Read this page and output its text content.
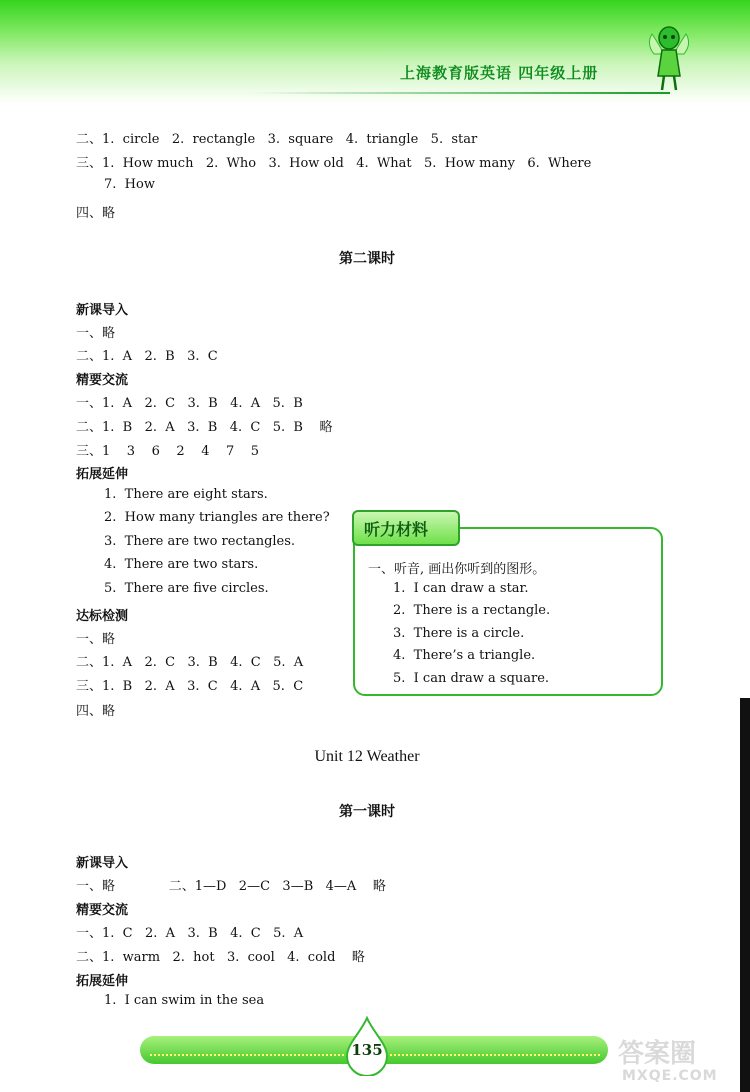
上海教育版英语 四年级上册
二、1.  circle   2.  rectangle   3.  square   4.  triangle   5.  star
三、1.  How much   2.  Who   3.  How old   4.  What   5.  How many   6.  Where
7.  How
四、略
第二课时
新课导入
一、略
二、1.  A   2.  B   3.  C
精要交流
一、1.  A   2.  C   3.  B   4.  A   5.  B
二、1.  B   2.  A   3.  B   4.  C   5.  B    略
三、1    3    6    2    4    7    5
拓展延伸
1.  There are eight stars.
2.  How many triangles are there?
3.  There are two rectangles.
4.  There are two stars.
5.  There are five circles.
达标检测
一、略
二、1.  A   2.  C   3.  B   4.  C   5.  A
三、1.  B   2.  A   3.  C   4.  A   5.  C
四、略
听力材料
一、听音, 画出你听到的图形。
1.  I can draw a star.
2.  There is a rectangle.
3.  There is a circle.
4.  There’s a triangle.
5.  I can draw a square.
Unit 12 Weather
第一课时
新课导入
一、略             二、1—D   2—C   3—B   4—A    略
精要交流
一、1.  C   2.  A   3.  B   4.  C   5.  A
二、1.  warm   2.  hot   3.  cool   4.  cold    略
拓展延伸
1.  I can swim in the sea
135	答案圈
MXQE.COM
